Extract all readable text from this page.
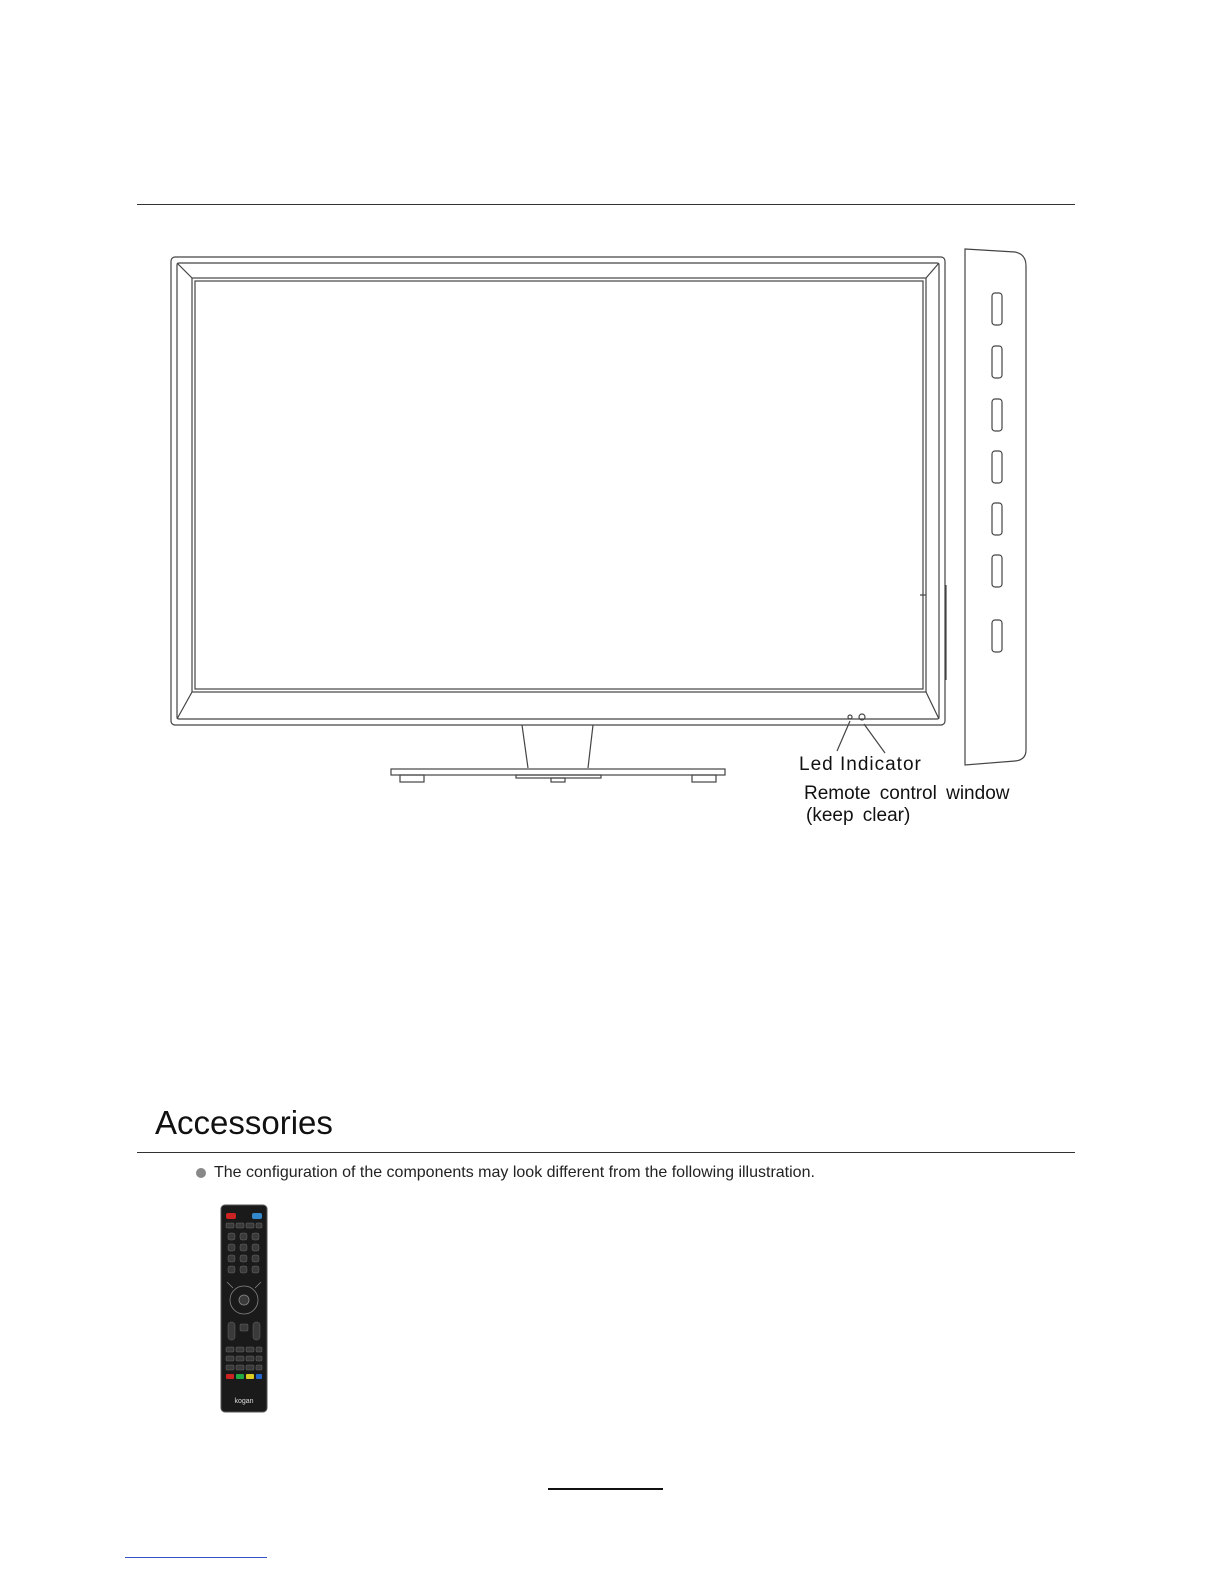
Led Indicator
Remote control window
(keep clear)
Accessories
The configuration of the components may look different from the following illustration.
kogan
